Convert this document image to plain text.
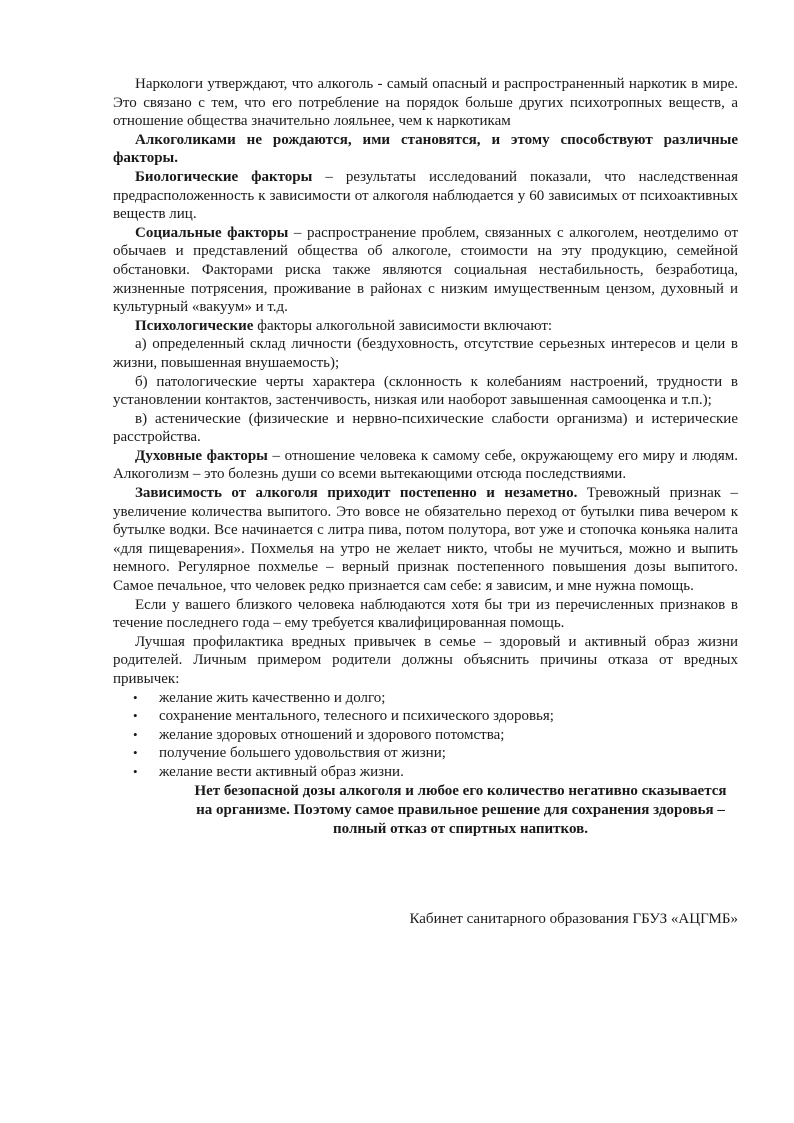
Наркологи утверждают, что алкоголь - самый опасный и распространенный наркотик в мире. Это связано с тем, что его потребление на порядок больше других психотропных веществ, а отношение общества значительно лояльнее, чем к наркотикам

Алкоголиками не рождаются, ими становятся, и этому способствуют различные факторы.

Биологические факторы – результаты исследований показали, что наследственная предрасположенность к зависимости от алкоголя наблюдается у 60 зависимых от психоактивных веществ лиц.

Социальные факторы – распространение проблем, связанных с алкоголем, неотделимо от обычаев и представлений общества об алкоголе, стоимости на эту продукцию, семейной обстановки. Факторами риска также являются социальная нестабильность, безработица, жизненные потрясения, проживание в районах с низким имущественным цензом, духовный и культурный «вакуум» и т.д.

Психологические факторы алкогольной зависимости включают:

а) определенный склад личности (бездуховность, отсутствие серьезных интересов и цели в жизни, повышенная внушаемость);

б) патологические черты характера (склонность к колебаниям настроений, трудности в установлении контактов, застенчивость, низкая или наоборот завышенная самооценка и т.п.);

в) астенические (физические и нервно-психические слабости организма) и истерические расстройства.

Духовные факторы – отношение человека к самому себе, окружающему его миру и людям. Алкоголизм – это болезнь души со всеми вытекающими отсюда последствиями.

Зависимость от алкоголя приходит постепенно и незаметно. Тревожный признак – увеличение количества выпитого. Это вовсе не обязательно переход от бутылки пива вечером к бутылке водки. Все начинается с литра пива, потом полутора, вот уже и стопочка коньяка налита «для пищеварения». Похмелья на утро не желает никто, чтобы не мучиться, можно и выпить немного. Регулярное похмелье – верный признак постепенного повышения дозы выпитого. Самое печальное, что человек редко признается сам себе: я зависим, и мне нужна помощь.

Если у вашего близкого человека наблюдаются хотя бы три из перечисленных признаков в течение последнего года – ему требуется квалифицированная помощь.

Лучшая профилактика вредных привычек в семье – здоровый и активный образ жизни родителей. Личным примером родители должны объяснить причины отказа от вредных привычек:

• желание жить качественно и долго;
• сохранение ментального, телесного и психического здоровья;
• желание здоровых отношений и здорового потомства;
• получение большего удовольствия от жизни;
• желание вести активный образ жизни.
Нет безопасной дозы алкоголя и любое его количество негативно сказывается на организме. Поэтому самое правильное решение для сохранения здоровья – полный отказ от спиртных напитков.
Кабинет санитарного образования ГБУЗ «АЦГМБ»
